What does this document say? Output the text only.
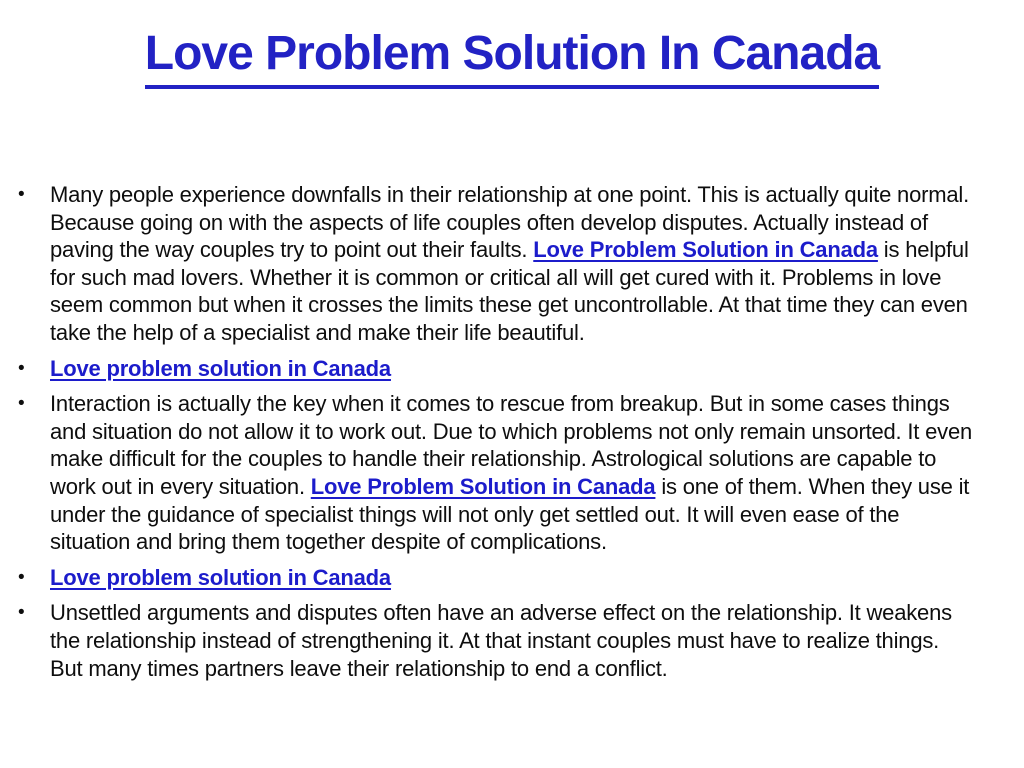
Love Problem Solution In Canada
•	Many people experience downfalls in their relationship at one point. This is actually quite normal. Because going on with the aspects of life couples often develop disputes. Actually instead of paving the way couples try to point out their faults. Love Problem Solution in Canada is helpful for such mad lovers. Whether it is common or critical all will get cured with it. Problems in love seem common but when it crosses the limits these get uncontrollable. At that time they can even take the help of a specialist and make their life beautiful.
•	Love problem solution in Canada
•	Interaction is actually the key when it comes to rescue from breakup. But in some cases things and situation do not allow it to work out. Due to which problems not only remain unsorted. It even make difficult for the couples to handle their relationship. Astrological solutions are capable to work out in every situation. Love Problem Solution in Canada is one of them. When they use it under the guidance of specialist things will not only get settled out. It will even ease of the situation and bring them together despite of complications.
•	Love problem solution in Canada
•	Unsettled arguments and disputes often have an adverse effect on the relationship. It weakens the relationship instead of strengthening it. At that instant couples must have to realize things. But many times partners leave their relationship to end a conflict.
